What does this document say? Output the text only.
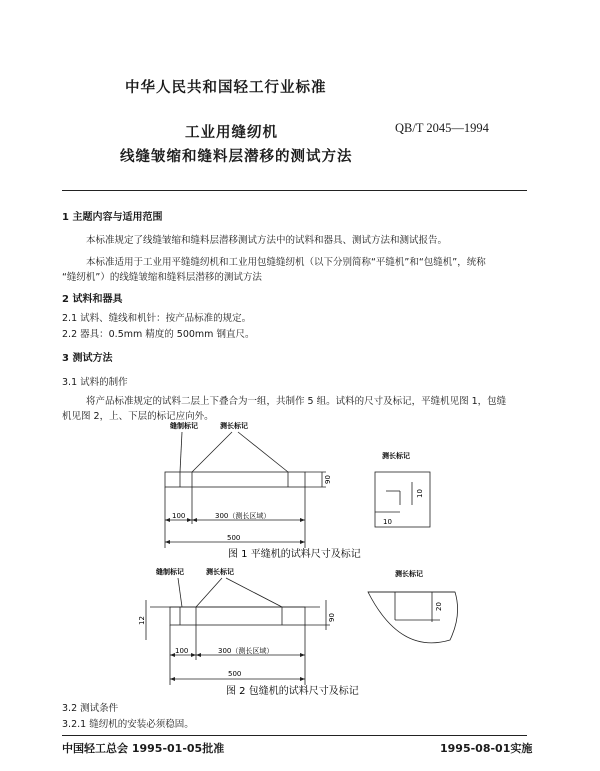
中华人民共和国轻工行业标准
工业用缝纫机
线缝皱缩和缝料层潜移的测试方法
QB/T 2045—1994
1 主题内容与适用范围
本标准规定了线缝皱缩和缝料层潜移测试方法中的试料和器具、测试方法和测试报告。
本标准适用于工业用平缝缝纫机和工业用包缝缝纫机（以下分别简称“平缝机”和“包缝机”，统称
“缝纫机”）的线缝皱缩和缝料层潜移的测试方法
2 试料和器具
2.1 试料、缝线和机针：按产品标准的规定。
2.2 器具：0.5mm 精度的 500mm 钢直尺。
3 测试方法
3.1 试料的制作
将产品标准规定的试料二层上下叠合为一组，共制作 5 组。试料的尺寸及标记，平缝机见图 1，包缝
机见图 2，上、下层的标记应向外。
缝制标记	测长标记
测长标记
100	300（测长区域）
500
90
10
10
图 1 平缝机的试料尺寸及标记
缝制标记	测长标记	测长标记
12
100	300（测长区域）
500
90
20
图 2 包缝机的试料尺寸及标记
3.2 测试条件
3.2.1 缝纫机的安装必须稳固。
中国轻工总会 1995-01-05批准	1995-08-01实施
